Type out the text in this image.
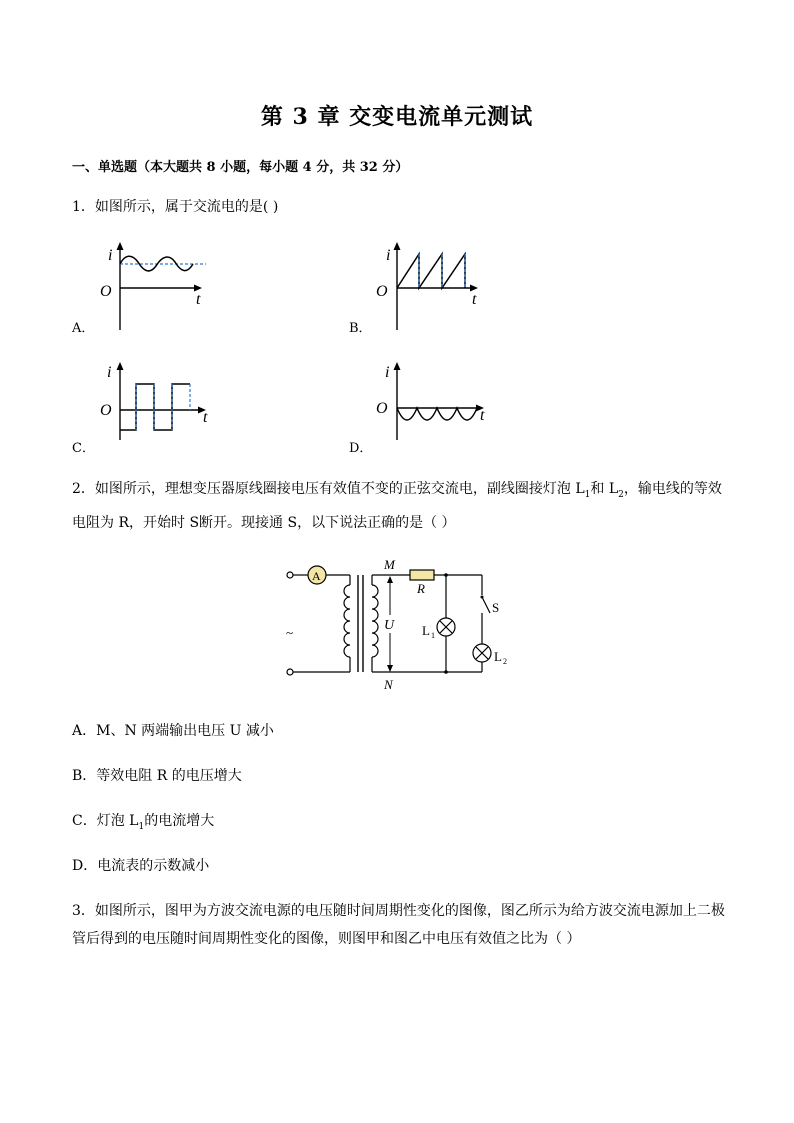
第 3 章 交变电流单元测试
一、单选题（本大题共 8 小题，每小题 4 分，共 32 分）
1．如图所示，属于交流电的是( )
i
O	t
A．
i
O	t
B．
i
O	t
C．
i
O	t
D．
2．如图所示，理想变压器原线圈接电压有效值不变的正弦交流电，副线圈接灯泡 $L_1$和 $L_2$，输电线的等效
电阻为 R，开始时 S断开。现接通 S，以下说法正确的是（ ）
A
~	U
M
N
R
L 1
S
L 2
A．M、N 两端输出电压 U 减小
B．等效电阻 R 的电压增大
C．灯泡 $L_1$的电流增大
D．电流表的示数减小
3．如图所示，图甲为方波交流电源的电压随时间周期性变化的图像，图乙所示为给方波交流电源加上二极
管后得到的电压随时间周期性变化的图像，则图甲和图乙中电压有效值之比为（ ）
